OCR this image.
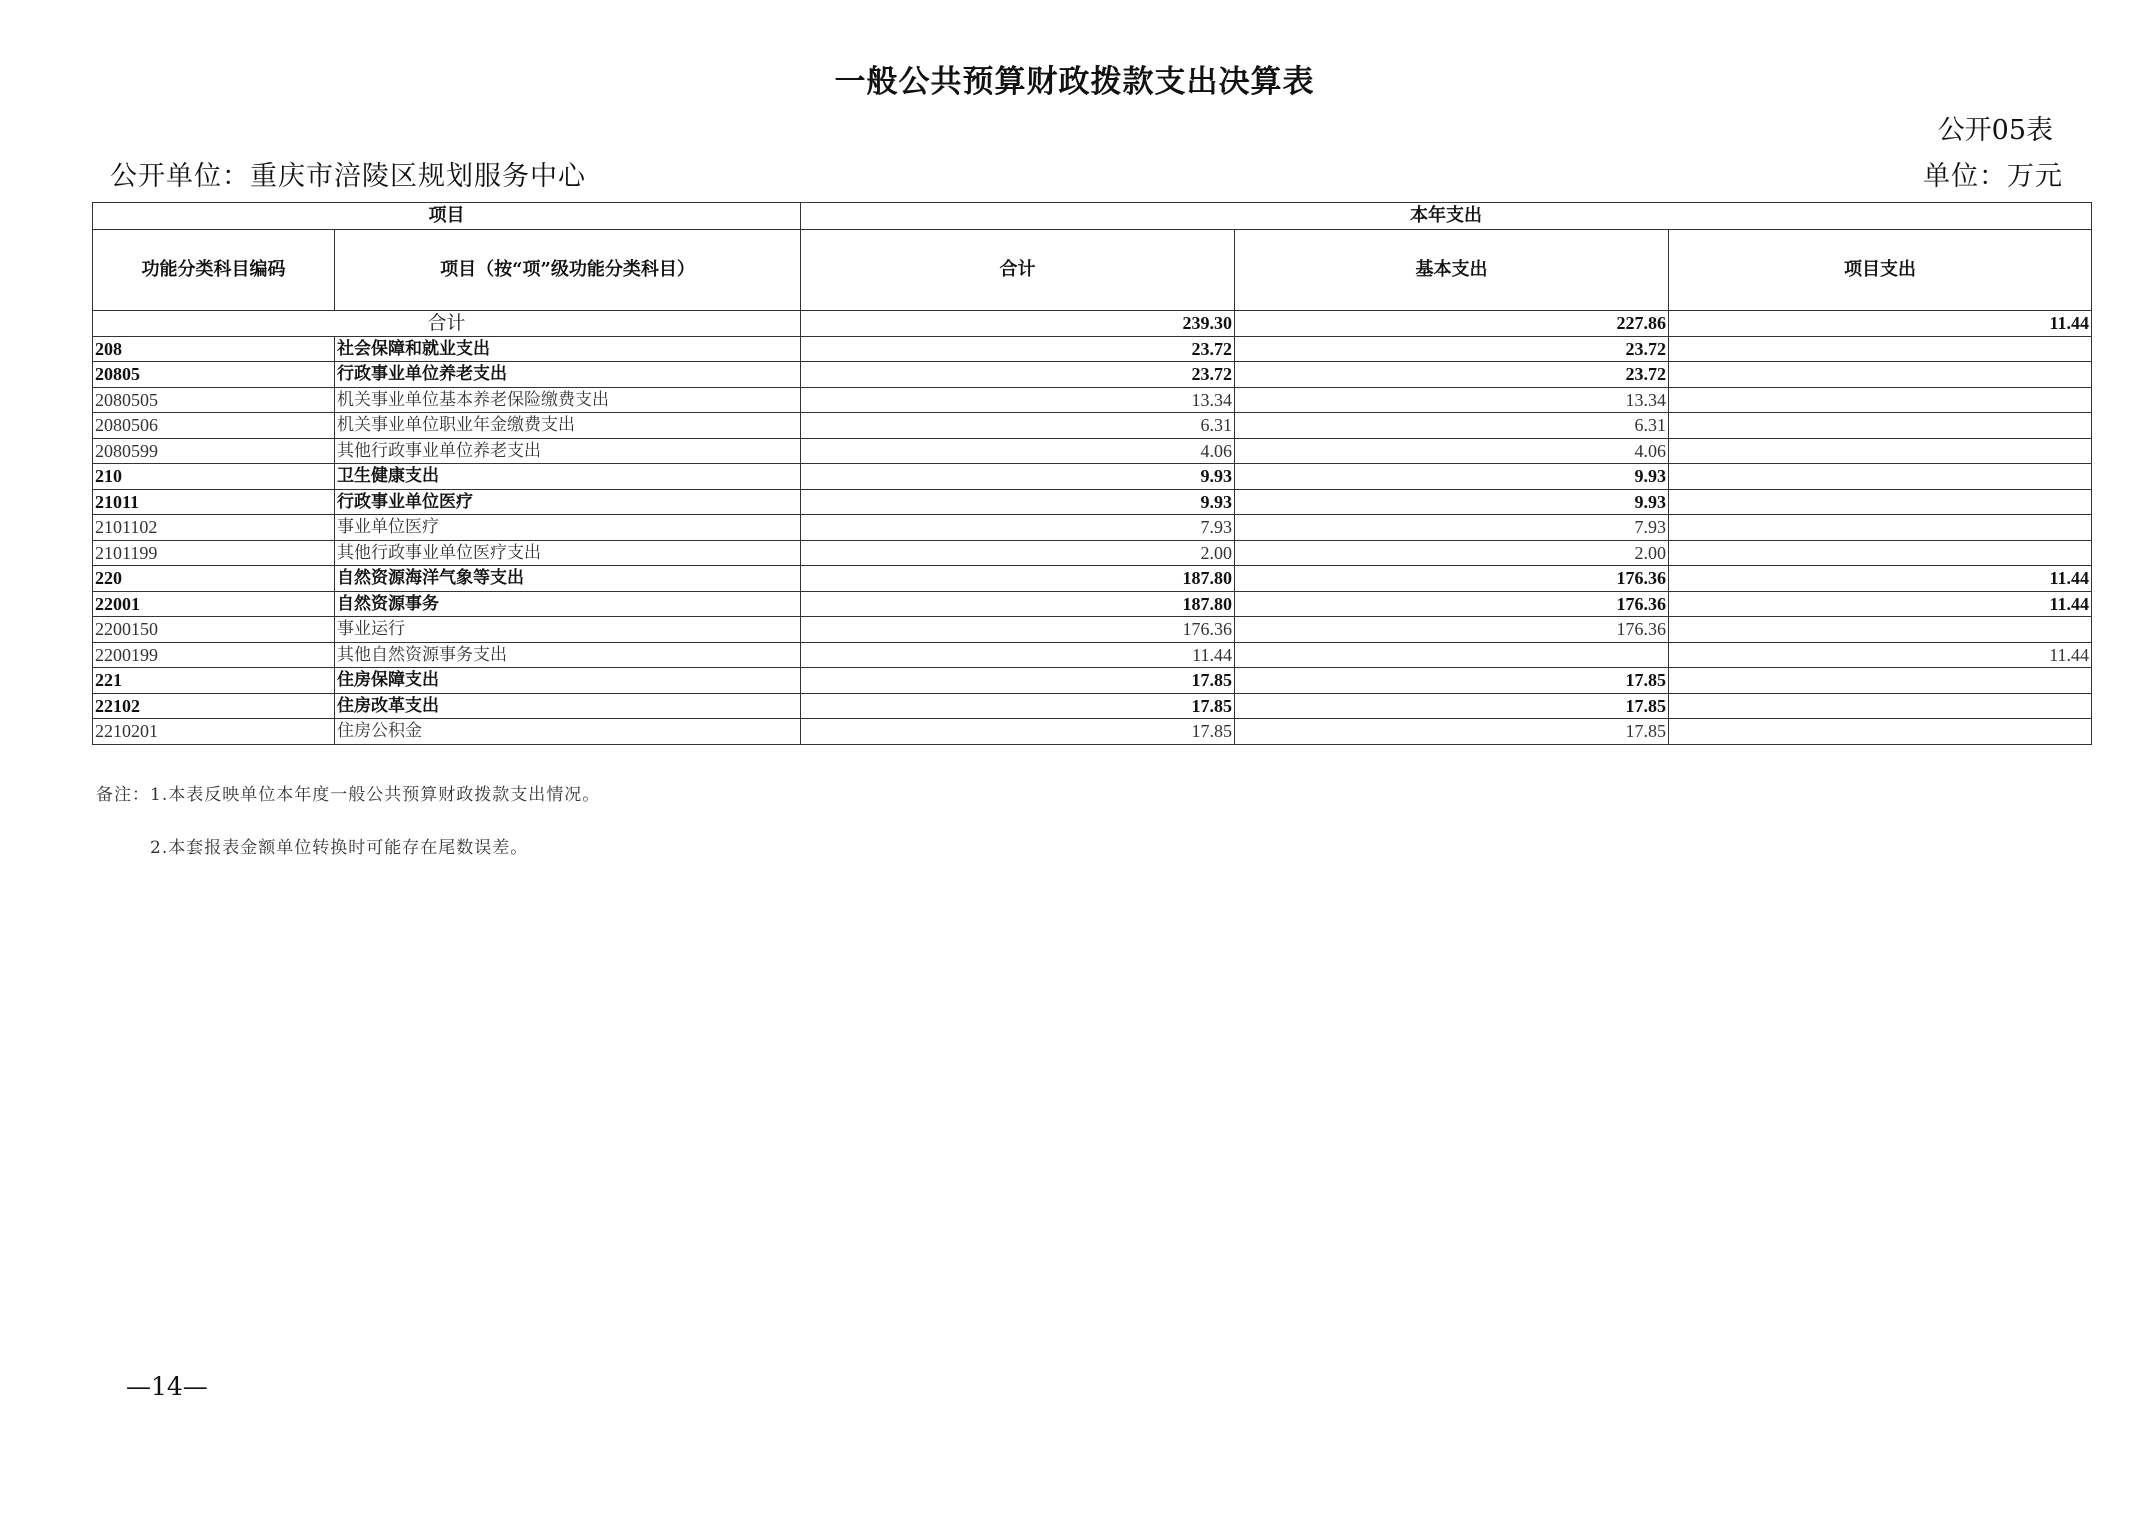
一般公共预算财政拨款支出决算表
公开05表
公开单位：重庆市涪陵区规划服务中心	单位：万元
项目		本年支出		
功能分类科目编码	项目（按“项”级功能分类科目）	合计	基本支出	项目支出
合计		239.30	227.86	11.44
208	社会保障和就业支出	23.72	23.72	
20805	行政事业单位养老支出	23.72	23.72	
2080505	机关事业单位基本养老保险缴费支出	13.34	13.34	
2080506	机关事业单位职业年金缴费支出	6.31	6.31	
2080599	其他行政事业单位养老支出	4.06	4.06	
210	卫生健康支出	9.93	9.93	
21011	行政事业单位医疗	9.93	9.93	
2101102	事业单位医疗	7.93	7.93	
2101199	其他行政事业单位医疗支出	2.00	2.00	
220	自然资源海洋气象等支出	187.80	176.36	11.44
22001	自然资源事务	187.80	176.36	11.44
2200150	事业运行	176.36	176.36	
2200199	其他自然资源事务支出	11.44		11.44
221	住房保障支出	17.85	17.85	
22102	住房改革支出	17.85	17.85	
2210201	住房公积金	17.85	17.85	
备注：1.本表反映单位本年度一般公共预算财政拨款支出情况。
2.本套报表金额单位转换时可能存在尾数误差。
—14—
